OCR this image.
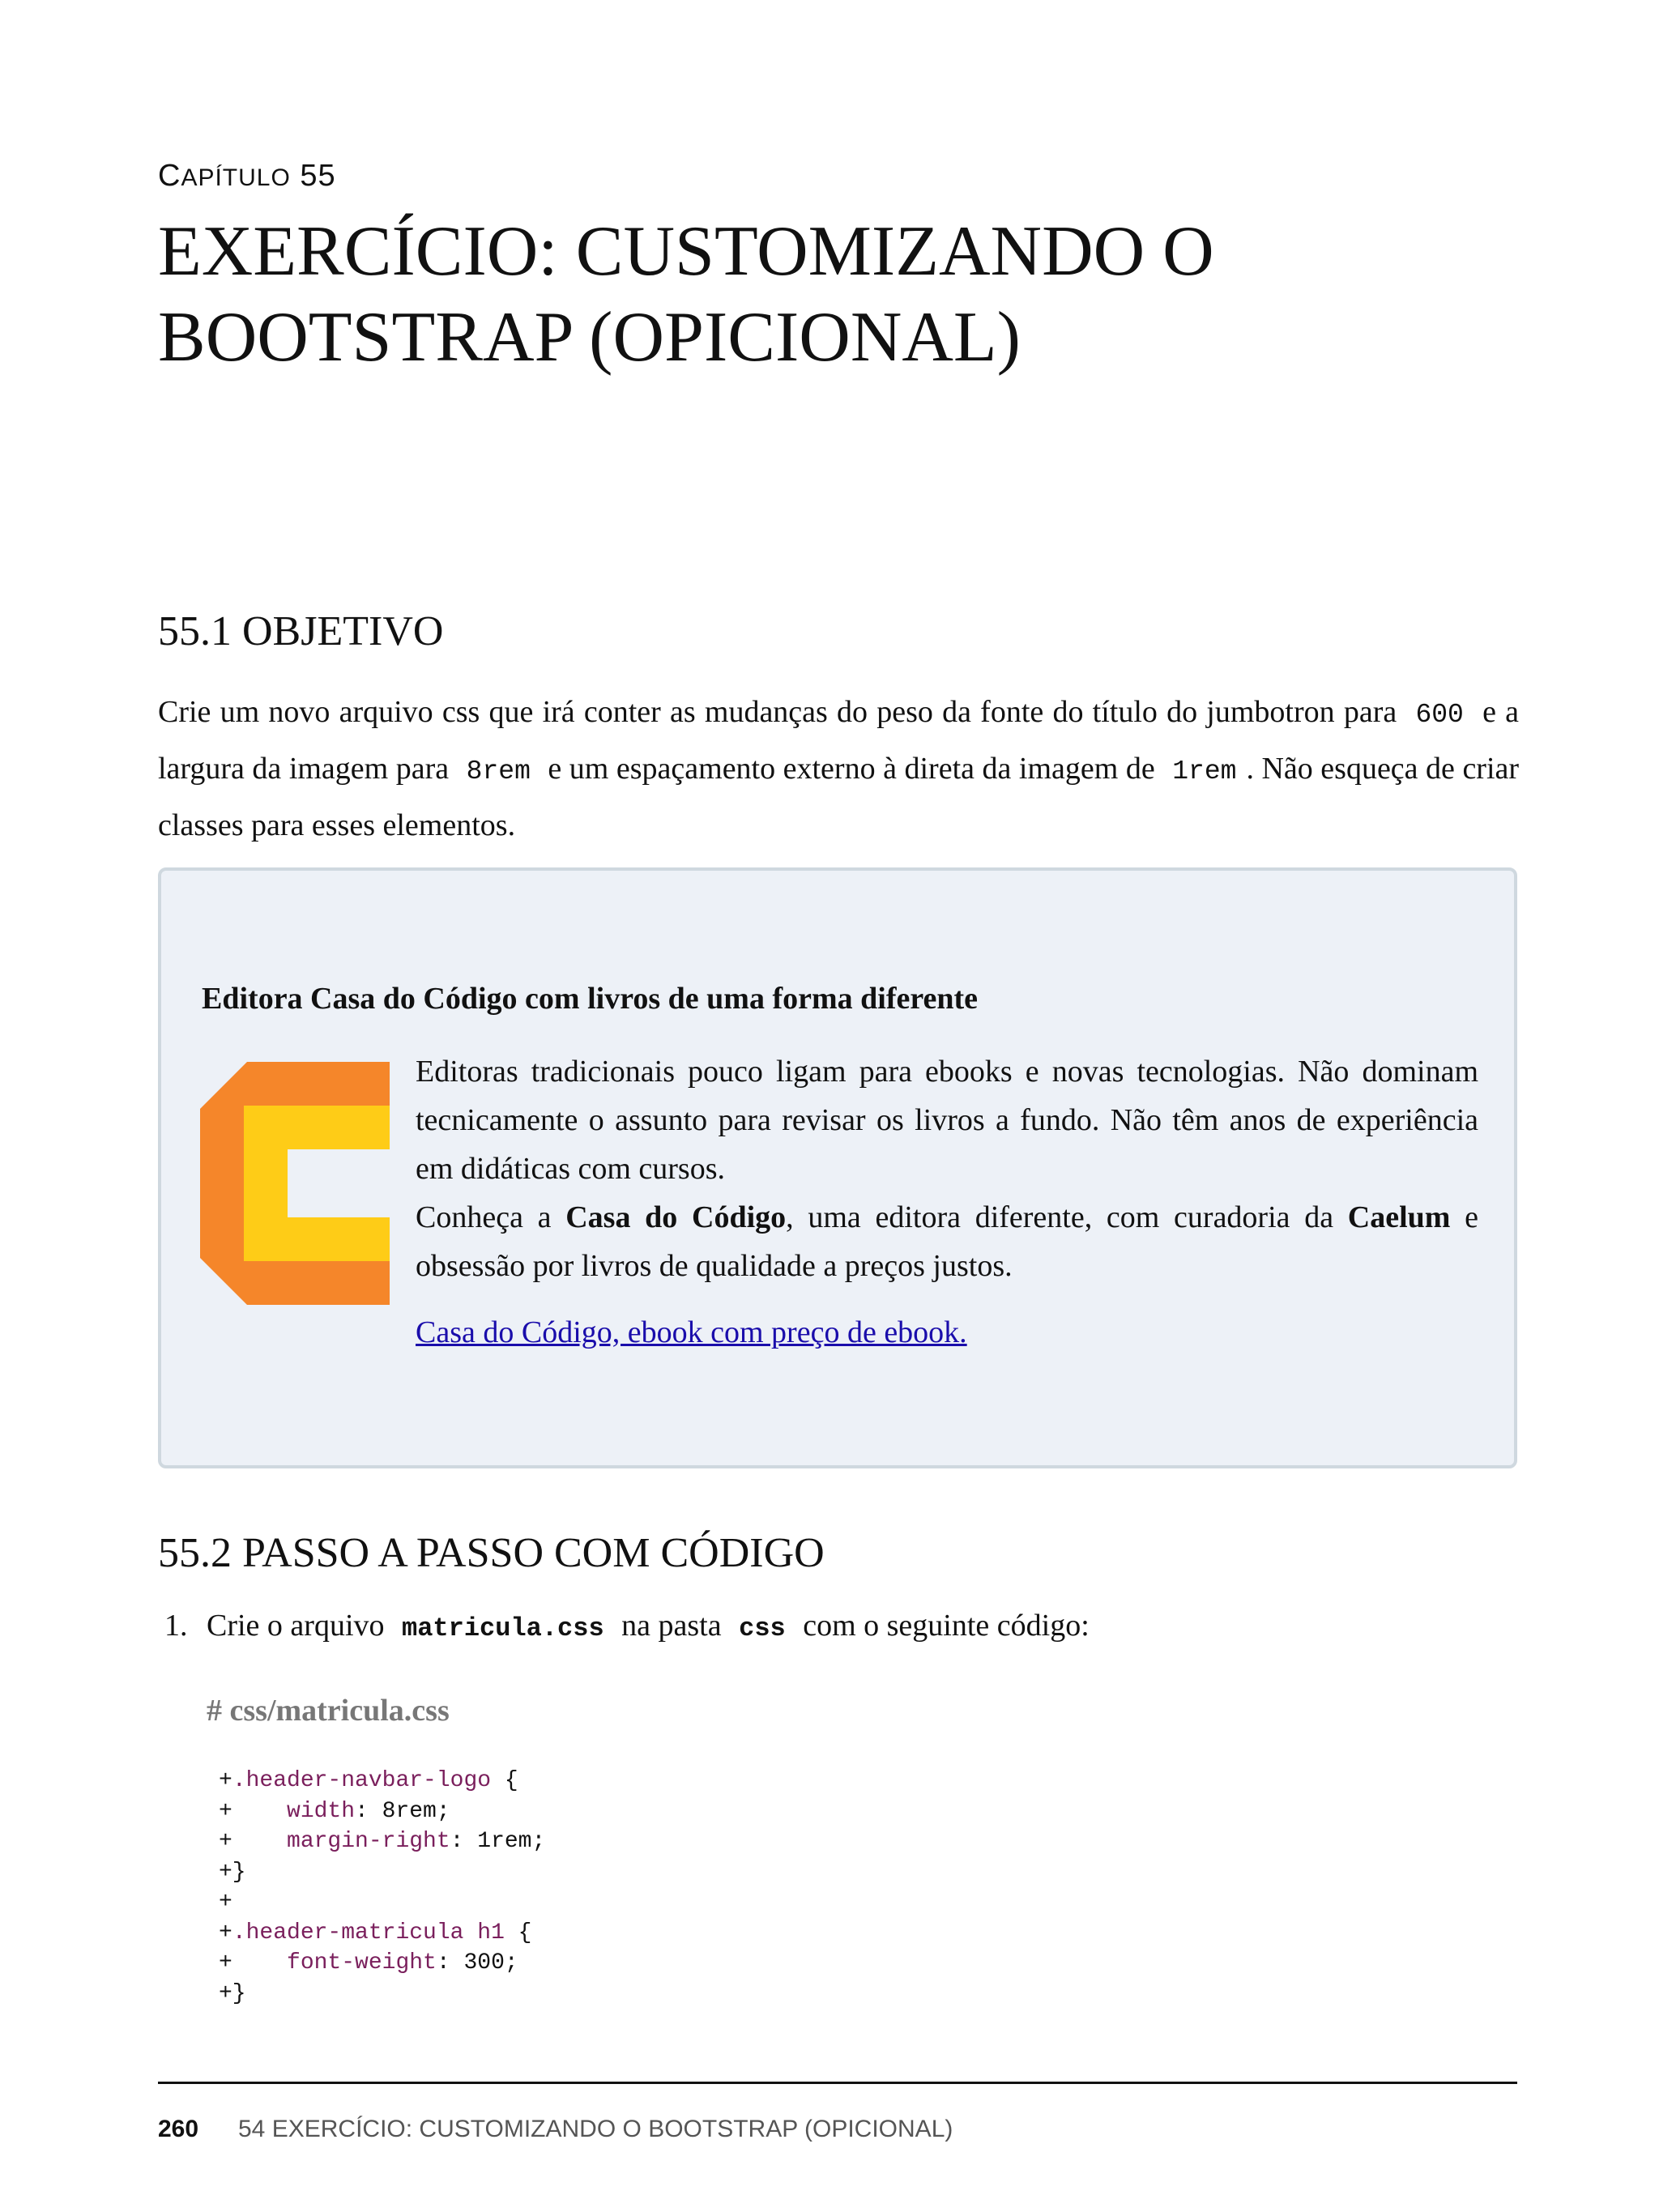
CAPÍTULO 55
EXERCÍCIO: CUSTOMIZANDO O
BOOTSTRAP (OPICIONAL)
55.1 OBJETIVO

Crie um novo arquivo css que irá conter as mudanças do peso da fonte do título do jumbotron para 600 e a largura da imagem para 8rem e um espaçamento externo à direta da imagem de 1rem . Não esqueça de criar classes para esses elementos.

Editora Casa do Código com livros de uma forma diferente

Editoras tradicionais pouco ligam para ebooks e novas tecnologias. Não dominam tecnicamente o assunto para revisar os livros a fundo. Não têm anos de experiência em didáticas com cursos.

Conheça a Casa do Código, uma editora diferente, com curadoria da Caelum e obsessão por livros de qualidade a preços justos.

Casa do Código, ebook com preço de ebook.
55.2 PASSO A PASSO COM CÓDIGO
1. Crie o arquivo matricula.css na pasta css com o seguinte código:
# css/matricula.css
+.header-navbar-logo {
+    width: 8rem;
+    margin-right: 1rem;
+}
+
+.header-matricula h1 {
+    font-weight: 300;
+}
260 54 EXERCÍCIO: CUSTOMIZANDO O BOOTSTRAP (OPICIONAL)
